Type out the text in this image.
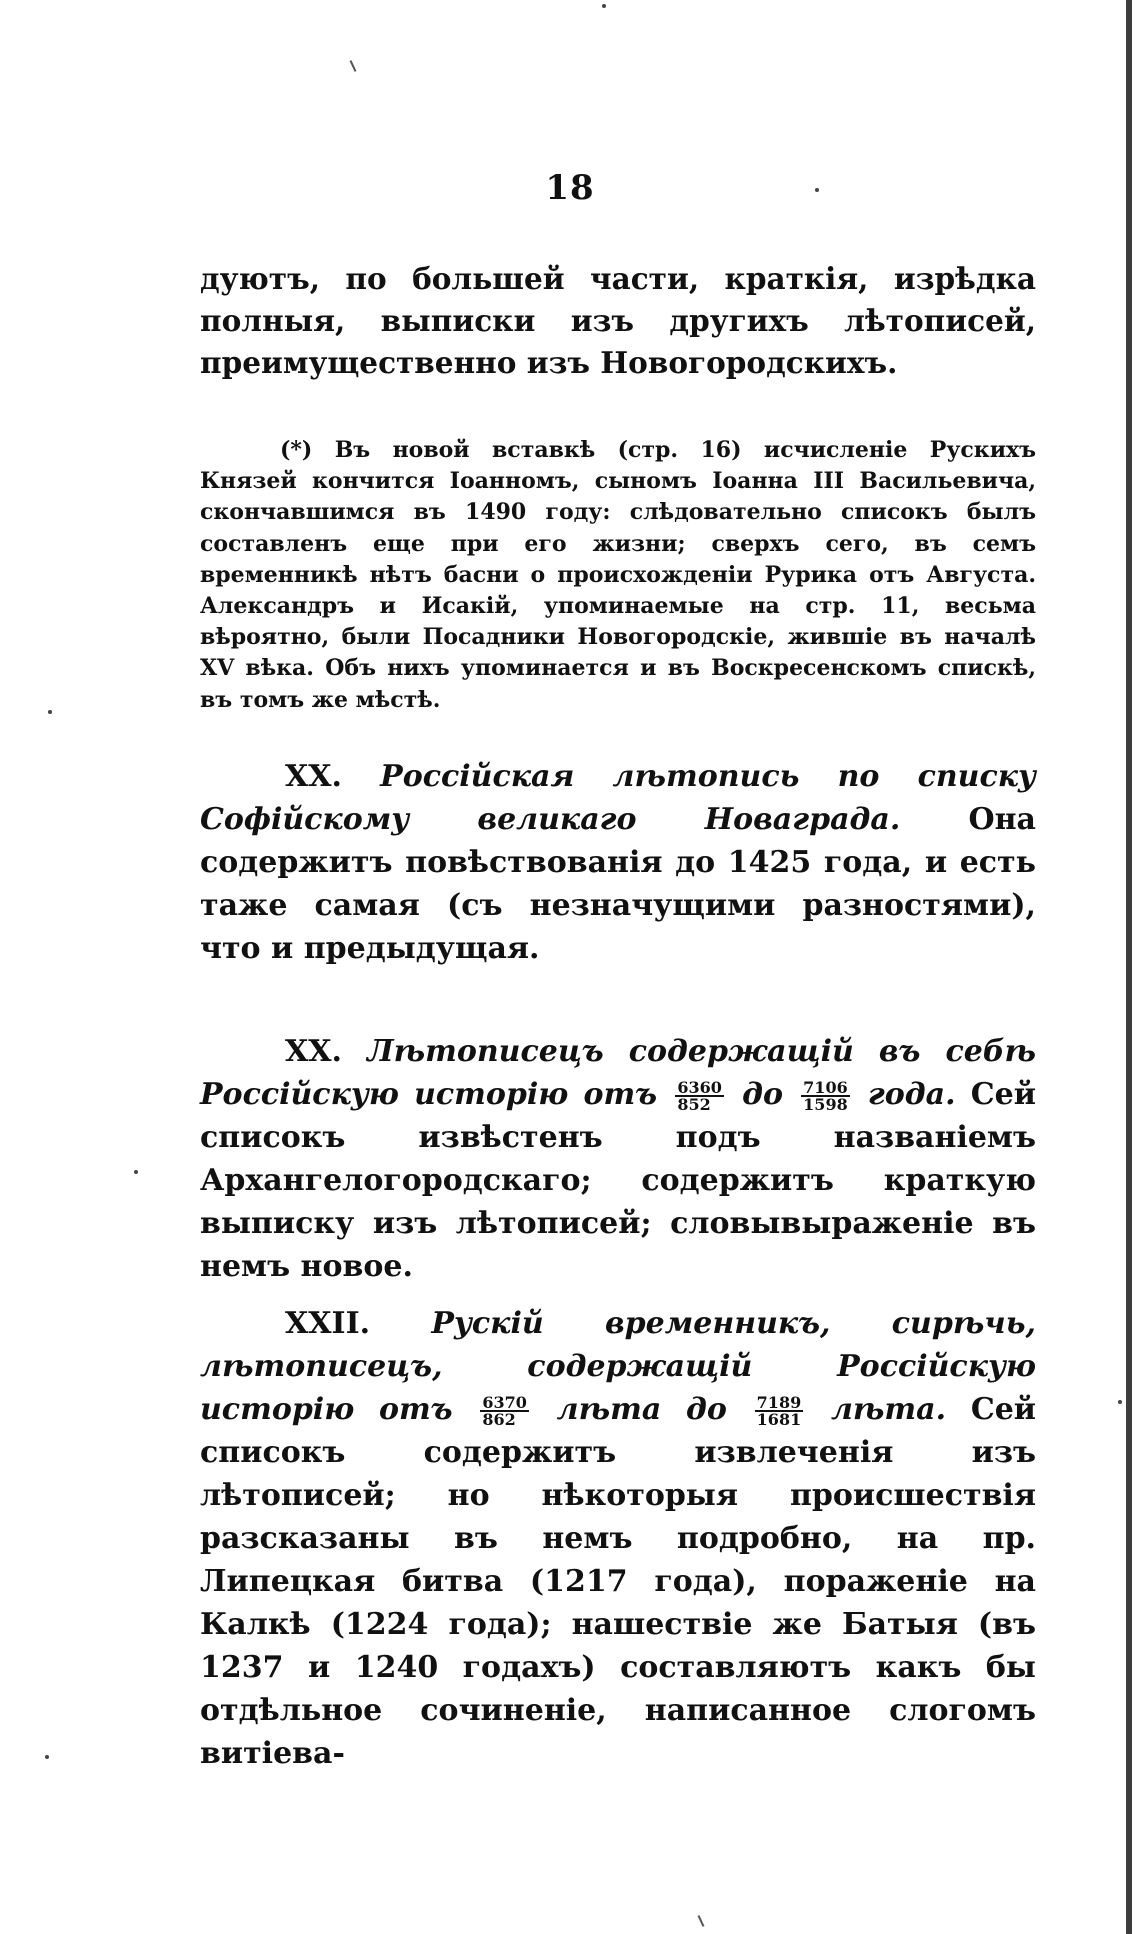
18

дуютъ, по большей части, краткія, изрѣдка полныя, выписки изъ другихъ лѣтописей, преимущественно изъ Новогородскихъ.

(*) Въ новой вставкѣ (стр. 16) исчисленіе Рускихъ Князей кончится Іоанномъ, сыномъ Іоанна III Васильевича, скончавшимся въ 1490 году: слѣдовательно списокъ былъ составленъ еще при его жизни; сверхъ сего, въ семъ временникѣ нѣтъ басни о происхожденіи Рурика отъ Августа. Александръ и Исакій, упоминаемые на стр. 11, весьма вѣроятно, были Посадники Новогородскіе, жившіе въ началѣ XV вѣка. Объ нихъ упоминается и въ Воскресенскомъ спискѣ, въ томъ же мѣстѣ.

XX. Россійская лѣтопись по списку Софійскому великаго Новаграда. Она содержитъ повѣствованія до 1425 года, и есть таже самая (съ незначущими разностями), что и предыдущая.

XX. Лѣтописецъ содержащій въ себѣ Россійскую исторію отъ $\frac{6360}{852}$ до $\frac{7106}{1598}$ года. Сей списокъ извѣстенъ подъ названіемъ Архангелогородскаго; содержитъ краткую выписку изъ лѣтописей; словывыраженіе въ немъ новое.

XXII. Рускій временникъ, сирѣчь, лѣтописецъ, содержащій Россійскую исторію отъ $\frac{6370}{862}$ лѣта до $\frac{7189}{1681}$ лѣта. Сей списокъ содержитъ извлеченія изъ лѣтописей; но нѣкоторыя происшествія разсказаны въ немъ подробно, на пр. Липецкая битва (1217 года), пораженіе на Калкѣ (1224 года); нашествіе же Батыя (въ 1237 и 1240 годахъ) составляютъ какъ бы отдѣльное сочиненіе, написанное слогомъ витіева-
